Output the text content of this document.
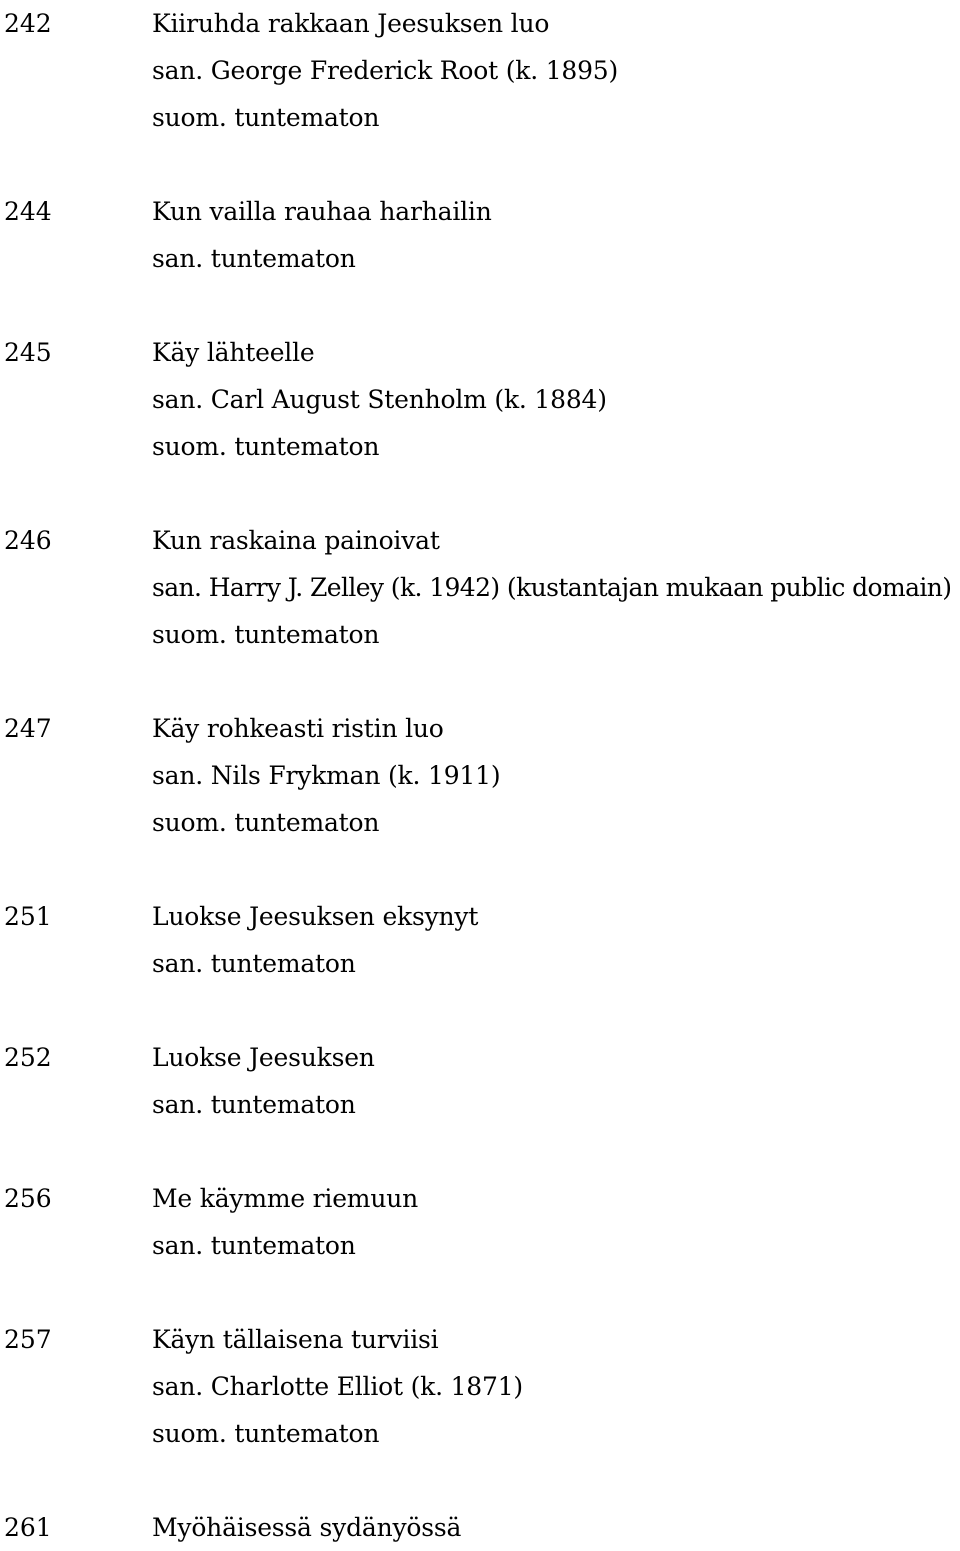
242	Kiiruhda rakkaan Jeesuksen luo
san. George Frederick Root (k. 1895)
suom. tuntematon
244	Kun vailla rauhaa harhailin
san. tuntematon
245	Käy lähteelle
san. Carl August Stenholm (k. 1884)
suom. tuntematon
246	Kun raskaina painoivat
san. Harry J. Zelley (k. 1942) (kustantajan mukaan public domain)
suom. tuntematon
247	Käy rohkeasti ristin luo
san. Nils Frykman (k. 1911)
suom. tuntematon
251	Luokse Jeesuksen eksynyt
san. tuntematon
252	Luokse Jeesuksen
san. tuntematon
256	Me käymme riemuun
san. tuntematon
257	Käyn tällaisena turviisi
san. Charlotte Elliot (k. 1871)
suom. tuntematon
261	Myöhäisessä sydänyössä
